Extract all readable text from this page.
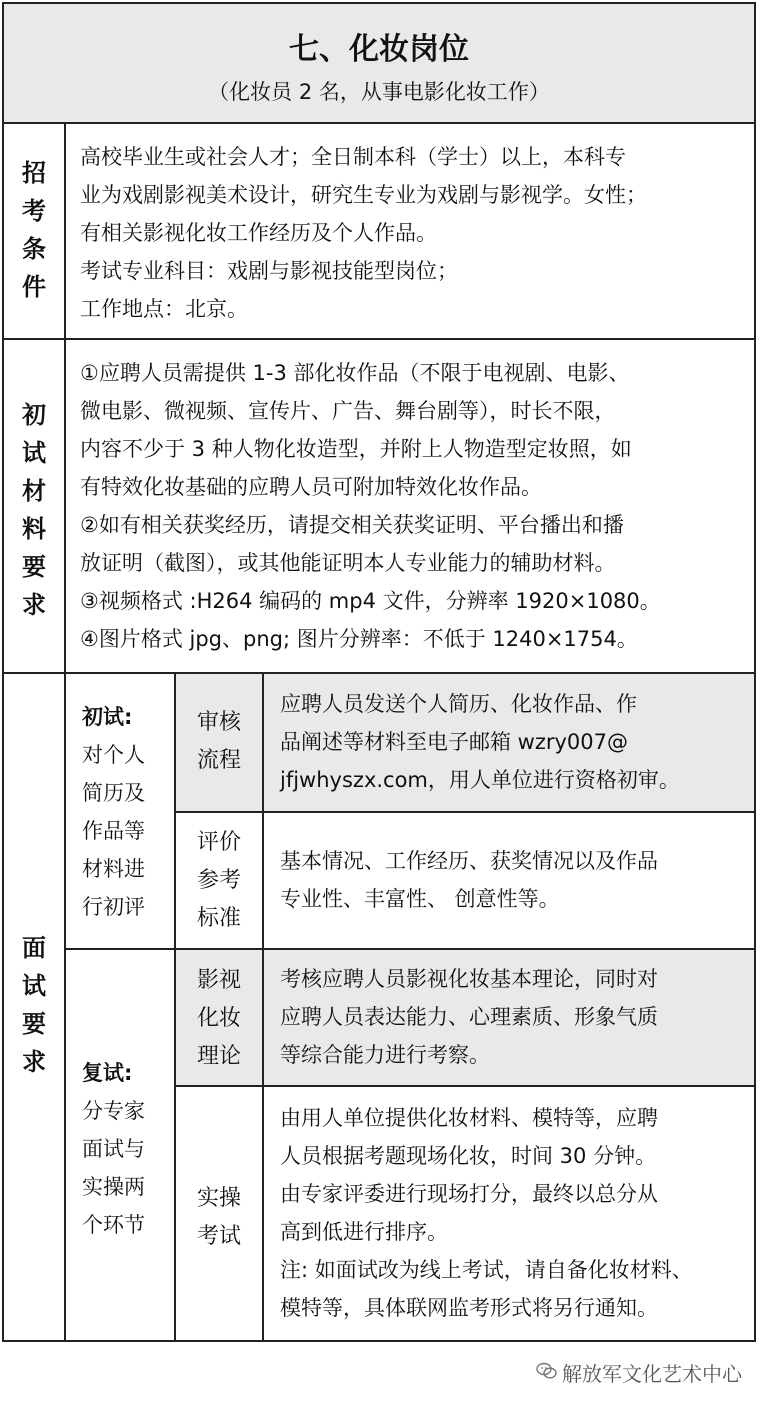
七、化妆岗位
（化妆员 2 名，从事电影化妆工作）
招
考
条
件

高校毕业生或社会人才；全日制本科（学士）以上，本科专

业为戏剧影视美术设计，研究生专业为戏剧与影视学。女性；

有相关影视化妆工作经历及个人作品。

考试专业科目：戏剧与影视技能型岗位；

工作地点：北京。

初
试
材
料
要
求

①应聘人员需提供 1-3 部化妆作品（不限于电视剧、电影、

微电影、微视频、宣传片、广告、舞台剧等），时长不限，

内容不少于 3 种人物化妆造型，并附上人物造型定妆照，如

有特效化妆基础的应聘人员可附加特效化妆作品。

②如有相关获奖经历，请提交相关获奖证明、平台播出和播

放证明（截图），或其他能证明本人专业能力的辅助材料。

③视频格式 :H264 编码的 mp4 文件，分辨率 1920×1080。

④图片格式 jpg、png; 图片分辨率：不低于 1240×1754。

面
试
要
求
初试:
对个人
简历及
作品等
材料进
行初评
审核
流程

应聘人员发送个人简历、化妆作品、作

品阐述等材料至电子邮箱 wzry007@

jfjwhyszx.com，用人单位进行资格初审。

评价
参考
标准

基本情况、工作经历、获奖情况以及作品

专业性、丰富性、 创意性等。

复试:
分专家
面试与
实操两
个环节
影视
化妆
理论

考核应聘人员影视化妆基本理论，同时对

应聘人员表达能力、心理素质、形象气质

等综合能力进行考察。

实操
考试

由用人单位提供化妆材料、模特等，应聘

人员根据考题现场化妆，时间 30 分钟。

由专家评委进行现场打分，最终以总分从

高到低进行排序。

注: 如面试改为线上考试，请自备化妆材料、

模特等，具体联网监考形式将另行通知。

解放军文化艺术中心
